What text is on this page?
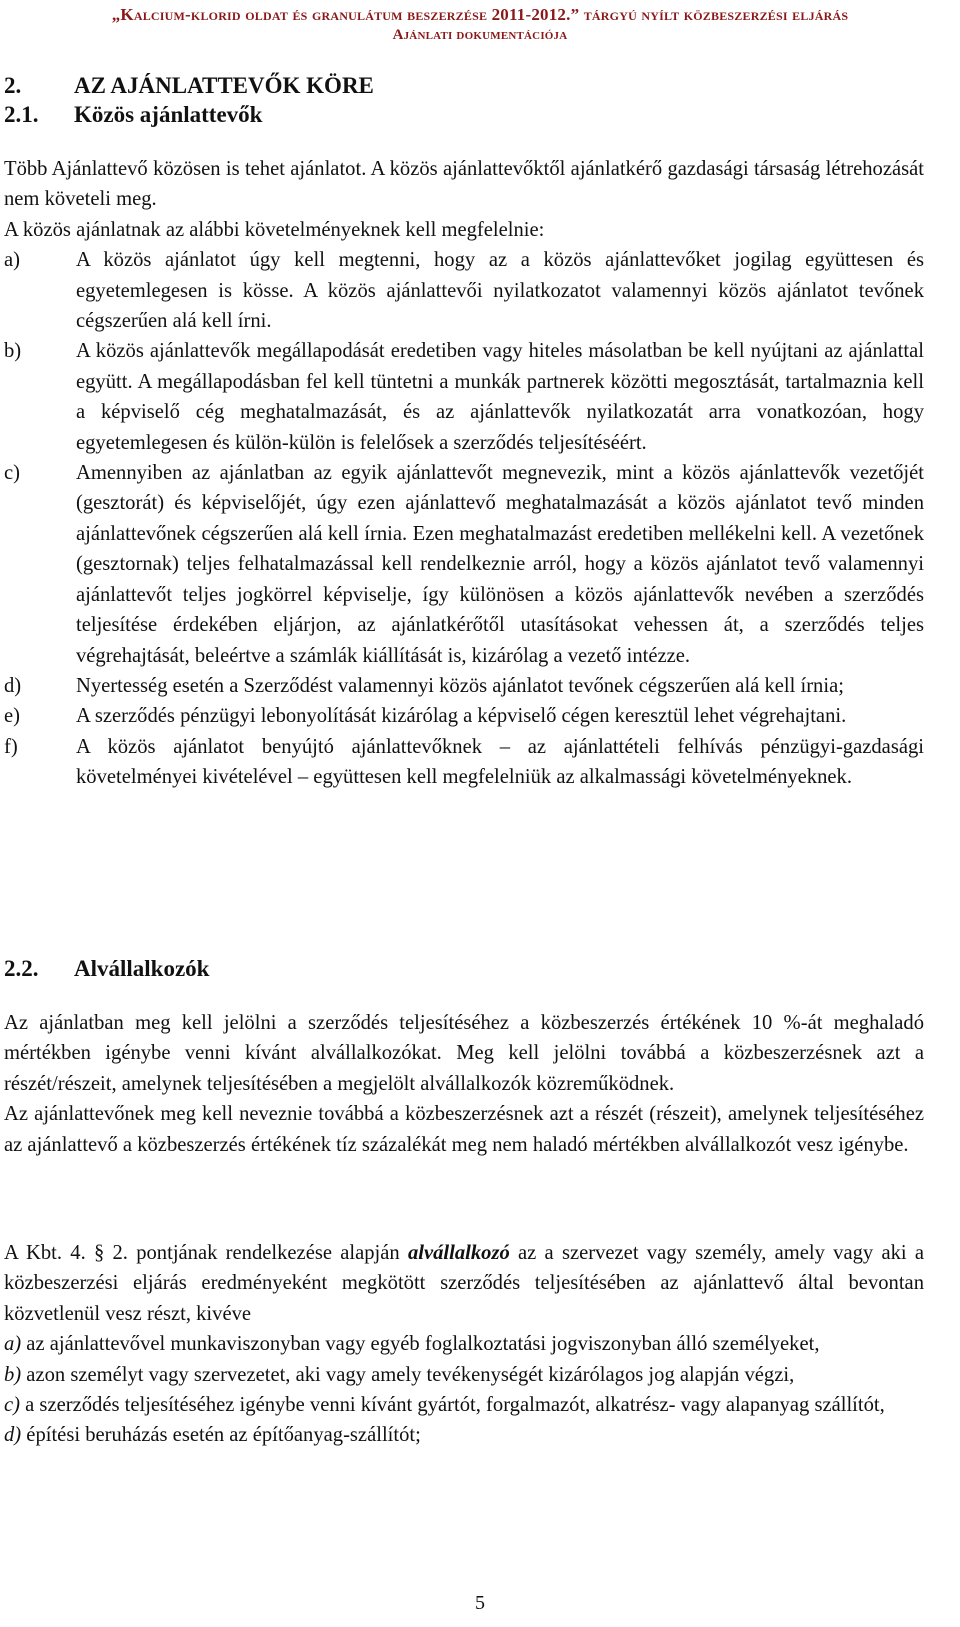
„Kalcium-klorid oldat és granulátum beszerzése 2011-2012.” tárgyú nyílt közbeszerzési eljárás
Ajánlati dokumentációja
2. AZ AJÁNLATTEVŐK KÖRE
2.1. Közös ajánlattevők

Több Ajánlattevő közösen is tehet ajánlatot. A közös ajánlattevőktől ajánlatkérő gazdasági társaság létrehozását nem követeli meg.

A közös ajánlatnak az alábbi követelményeknek kell megfelelnie:

a)	A közös ajánlatot úgy kell megtenni, hogy az a közös ajánlattevőket jogilag együttesen és egyetemlegesen is kösse. A közös ajánlattevői nyilatkozatot valamennyi közös ajánlatot tevőnek cégszerűen alá kell írni.
b)	A közös ajánlattevők megállapodását eredetiben vagy hiteles másolatban be kell nyújtani az ajánlattal együtt. A megállapodásban fel kell tüntetni a munkák partnerek közötti megosztását, tartalmaznia kell a képviselő cég meghatalmazását, és az ajánlattevők nyilatkozatát arra vonatkozóan, hogy egyetemlegesen és külön-külön is felelősek a szerződés teljesítéséért.
c)	Amennyiben az ajánlatban az egyik ajánlattevőt megnevezik, mint a közös ajánlattevők vezetőjét (gesztorát) és képviselőjét, úgy ezen ajánlattevő meghatalmazását a közös ajánlatot tevő minden ajánlattevőnek cégszerűen alá kell írnia. Ezen meghatalmazást eredetiben mellékelni kell. A vezetőnek (gesztornak) teljes felhatalmazással kell rendelkeznie arról, hogy a közös ajánlatot tevő valamennyi ajánlattevőt teljes jogkörrel képviselje, így különösen a közös ajánlattevők nevében a szerződés teljesítése érdekében eljárjon, az ajánlatkérőtől utasításokat vehessen át, a szerződés teljes végrehajtását, beleértve a számlák kiállítását is, kizárólag a vezető intézze.
d)	Nyertesség esetén a Szerződést valamennyi közös ajánlatot tevőnek cégszerűen alá kell írnia;
e)	A szerződés pénzügyi lebonyolítását kizárólag a képviselő cégen keresztül lehet végrehajtani.
f)	A közös ajánlatot benyújtó ajánlattevőknek – az ajánlattételi felhívás pénzügyi-gazdasági követelményei kivételével – együttesen kell megfelelniük az alkalmassági követelményeknek.
2.2. Alvállalkozók

Az ajánlatban meg kell jelölni a szerződés teljesítéséhez a közbeszerzés értékének 10 %-át meghaladó mértékben igénybe venni kívánt alvállalkozókat. Meg kell jelölni továbbá a közbeszerzésnek azt a részét/részeit, amelynek teljesítésében a megjelölt alvállalkozók közreműködnek.

Az ajánlattevőnek meg kell neveznie továbbá a közbeszerzésnek azt a részét (részeit), amelynek teljesítéséhez az ajánlattevő a közbeszerzés értékének tíz százalékát meg nem haladó mértékben alvállalkozót vesz igénybe.

A Kbt. 4. § 2. pontjának rendelkezése alapján alvállalkozó az a szervezet vagy személy, amely vagy aki a közbeszerzési eljárás eredményeként megkötött szerződés teljesítésében az ajánlattevő által bevontan közvetlenül vesz részt, kivéve

a) az ajánlattevővel munkaviszonyban vagy egyéb foglalkoztatási jogviszonyban álló személyeket,

b) azon személyt vagy szervezetet, aki vagy amely tevékenységét kizárólagos jog alapján végzi,

c) a szerződés teljesítéséhez igénybe venni kívánt gyártót, forgalmazót, alkatrész- vagy alapanyag szállítót,

d) építési beruházás esetén az építőanyag-szállítót;

5
